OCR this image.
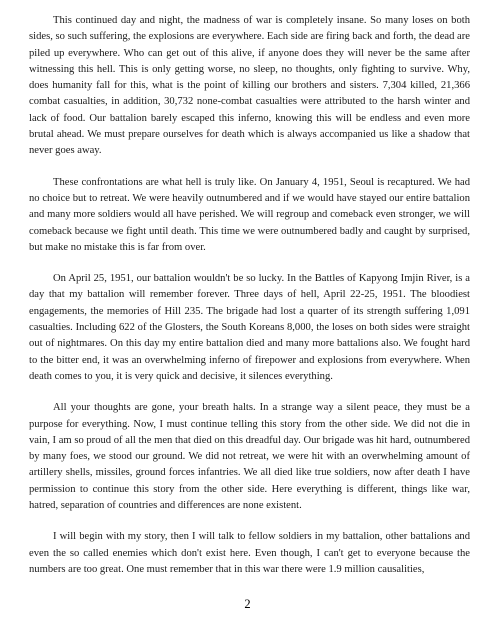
This continued day and night, the madness of war is completely insane. So many loses on both sides, so such suffering, the explosions are everywhere. Each side are firing back and forth, the dead are piled up everywhere. Who can get out of this alive, if anyone does they will never be the same after witnessing this hell. This is only getting worse, no sleep, no thoughts, only fighting to survive. Why, does humanity fall for this, what is the point of killing our brothers and sisters. 7,304 killed, 21,366 combat casualties, in addition, 30,732 none-combat casualties were attributed to the harsh winter and lack of food. Our battalion barely escaped this inferno, knowing this will be endless and even more brutal ahead. We must prepare ourselves for death which is always accompanied us like a shadow that never goes away.

These confrontations are what hell is truly like. On January 4, 1951, Seoul is recaptured. We had no choice but to retreat. We were heavily outnumbered and if we would have stayed our entire battalion and many more soldiers would all have perished. We will regroup and comeback even stronger, we will comeback because we fight until death. This time we were outnumbered badly and caught by surprised, but make no mistake this is far from over.

On April 25, 1951, our battalion wouldn't be so lucky. In the Battles of Kapyong Imjin River, is a day that my battalion will remember forever. Three days of hell, April 22-25, 1951. The bloodiest engagements, the memories of Hill 235. The brigade had lost a quarter of its strength suffering 1,091 casualties. Including 622 of the Glosters, the South Koreans 8,000, the loses on both sides were straight out of nightmares. On this day my entire battalion died and many more battalions also. We fought hard to the bitter end, it was an overwhelming inferno of firepower and explosions from everywhere. When death comes to you, it is very quick and decisive, it silences everything.

All your thoughts are gone, your breath halts. In a strange way a silent peace, they must be a purpose for everything. Now, I must continue telling this story from the other side. We did not die in vain, I am so proud of all the men that died on this dreadful day. Our brigade was hit hard, outnumbered by many foes, we stood our ground. We did not retreat, we were hit with an overwhelming amount of artillery shells, missiles, ground forces infantries. We all died like true soldiers, now after death I have permission to continue this story from the other side. Here everything is different, things like war, hatred, separation of countries and differences are none existent.

I will begin with my story, then I will talk to fellow soldiers in my battalion, other battalions and even the so called enemies which don't exist here. Even though, I can't get to everyone because the numbers are too great. One must remember that in this war there were 1.9 million causalities,

2
